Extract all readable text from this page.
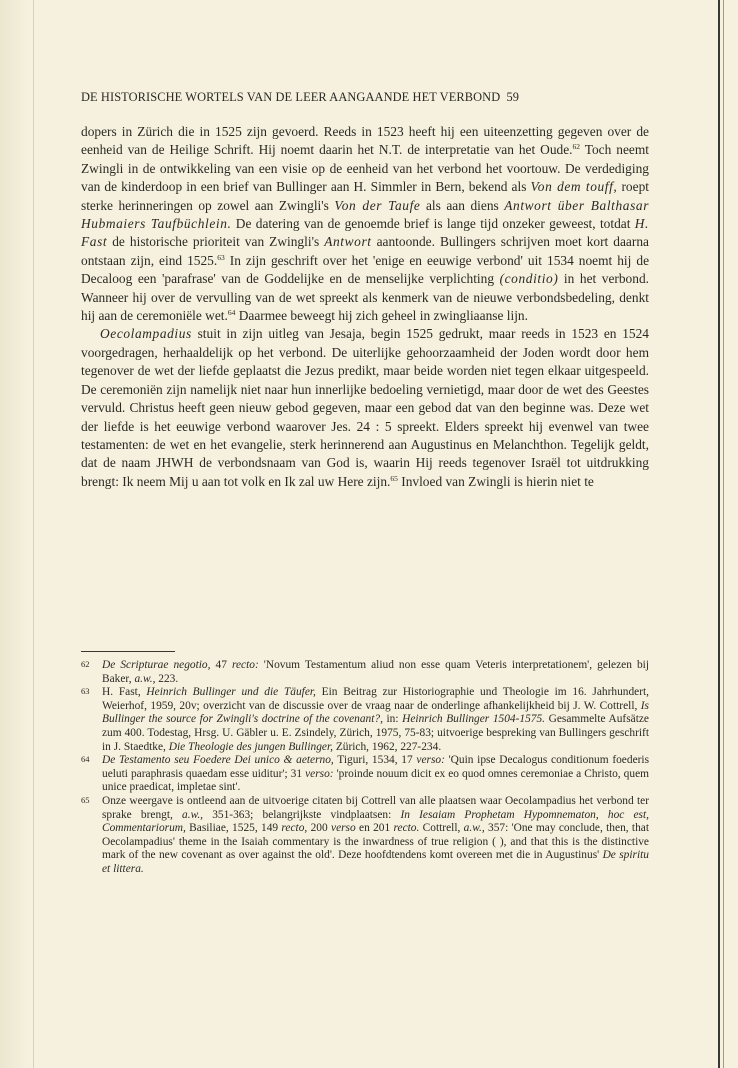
DE HISTORISCHE WORTELS VAN DE LEER AANGAANDE HET VERBOND 59

dopers in Zürich die in 1525 zijn gevoerd. Reeds in 1523 heeft hij een uiteenzetting gegeven over de eenheid van de Heilige Schrift. Hij noemt daarin het N.T. de interpretatie van het Oude.$^{62}$ Toch neemt Zwingli in de ontwikkeling van een visie op de eenheid van het verbond het voortouw. De verdediging van de kinderdoop in een brief van Bullinger aan H. Simmler in Bern, bekend als Von dem touff, roept sterke herinneringen op zowel aan Zwingli's Von der Taufe als aan diens Antwort über Balthasar Hubmaiers Taufbüchlein. De datering van de genoemde brief is lange tijd onzeker geweest, totdat H. Fast de historische prioriteit van Zwingli's Antwort aantoonde. Bullingers schrijven moet kort daarna ontstaan zijn, eind 1525.63 In zijn geschrift over het 'enige en eeuwige verbond' uit 1534 noemt hij de Decaloog een 'parafrase' van de Goddelijke en de menselijke verplichting (conditio) in het verbond. Wanneer hij over de vervulling van de wet spreekt als kenmerk van de nieuwe verbondsbedeling, denkt hij aan de ceremoniële wet.$^{64}$ Daarmee beweegt hij zich geheel in zwingliaanse lijn.

Oecolampadius stuit in zijn uitleg van Jesaja, begin 1525 gedrukt, maar reeds in 1523 en 1524 voorgedragen, herhaaldelijk op het verbond. De uiterlijke gehoorzaamheid der Joden wordt door hem tegenover de wet der liefde geplaatst die Jezus predikt, maar beide worden niet tegen elkaar uitgespeeld. De ceremoniën zijn namelijk niet naar hun innerlijke bedoeling vernietigd, maar door de wet des Geestes vervuld. Christus heeft geen nieuw gebod gegeven, maar een gebod dat van den beginne was. Deze wet der liefde is het eeuwige verbond waarover Jes. 24 : 5 spreekt. Elders spreekt hij evenwel van twee testamenten: de wet en het evangelie, sterk herinnerend aan Augustinus en Melanchthon. Tegelijk geldt, dat de naam JHWH de verbondsnaam van God is, waarin Hij reeds tegenover Israël tot uitdrukking brengt: Ik neem Mij u aan tot volk en Ik zal uw Here zijn.$^{65}$ Invloed van Zwingli is hierin niet te

62 De Scripturae negotio, 47 recto: 'Novum Testamentum aliud non esse quam Veteris interpretationem', gelezen bij Baker, a.w., 223.

63 H. Fast, Heinrich Bullinger und die Täufer, Ein Beitrag zur Historiographie und Theologie im 16. Jahrhundert, Weierhof, 1959, 20v; overzicht van de discussie over de vraag naar de onderlinge afhankelijkheid bij J. W. Cottrell, Is Bullinger the source for Zwingli's doctrine of the covenant?, in: Heinrich Bullinger 1504-1575. Gesammelte Aufsätze zum 400. Todestag, Hrsg. U. Gäbler u. E. Zsindely, Zürich, 1975, 75-83; uitvoerige bespreking van Bullingers geschrift in J. Staedtke, Die Theologie des jungen Bullinger, Zürich, 1962, 227-234.

64 De Testamento seu Foedere Dei unico & aeterno, Tiguri, 1534, 17 verso: 'Quin ipse Decalogus conditionum foederis ueluti paraphrasis quaedam esse uiditur'; 31 verso: 'proinde nouum dicit ex eo quod omnes ceremoniae a Christo, quem unice praedicat, impletae sint'.

65 Onze weergave is ontleend aan de uitvoerige citaten bij Cottrell van alle plaatsen waar Oecolampadius het verbond ter sprake brengt, a.w., 351-363; belangrijkste vindplaatsen: In Iesaiam Prophetam Hypomnematon, hoc est, Commentariorum, Basiliae, 1525, 149 recto, 200 verso en 201 recto. Cottrell, a.w., 357: 'One may conclude, then, that Oecolampadius' theme in the Isaiah commentary is the inwardness of true religion ( ), and that this is the distinctive mark of the new covenant as over against the old'. Deze hoofdtendens komt overeen met die in Augustinus' De spiritu et littera.
